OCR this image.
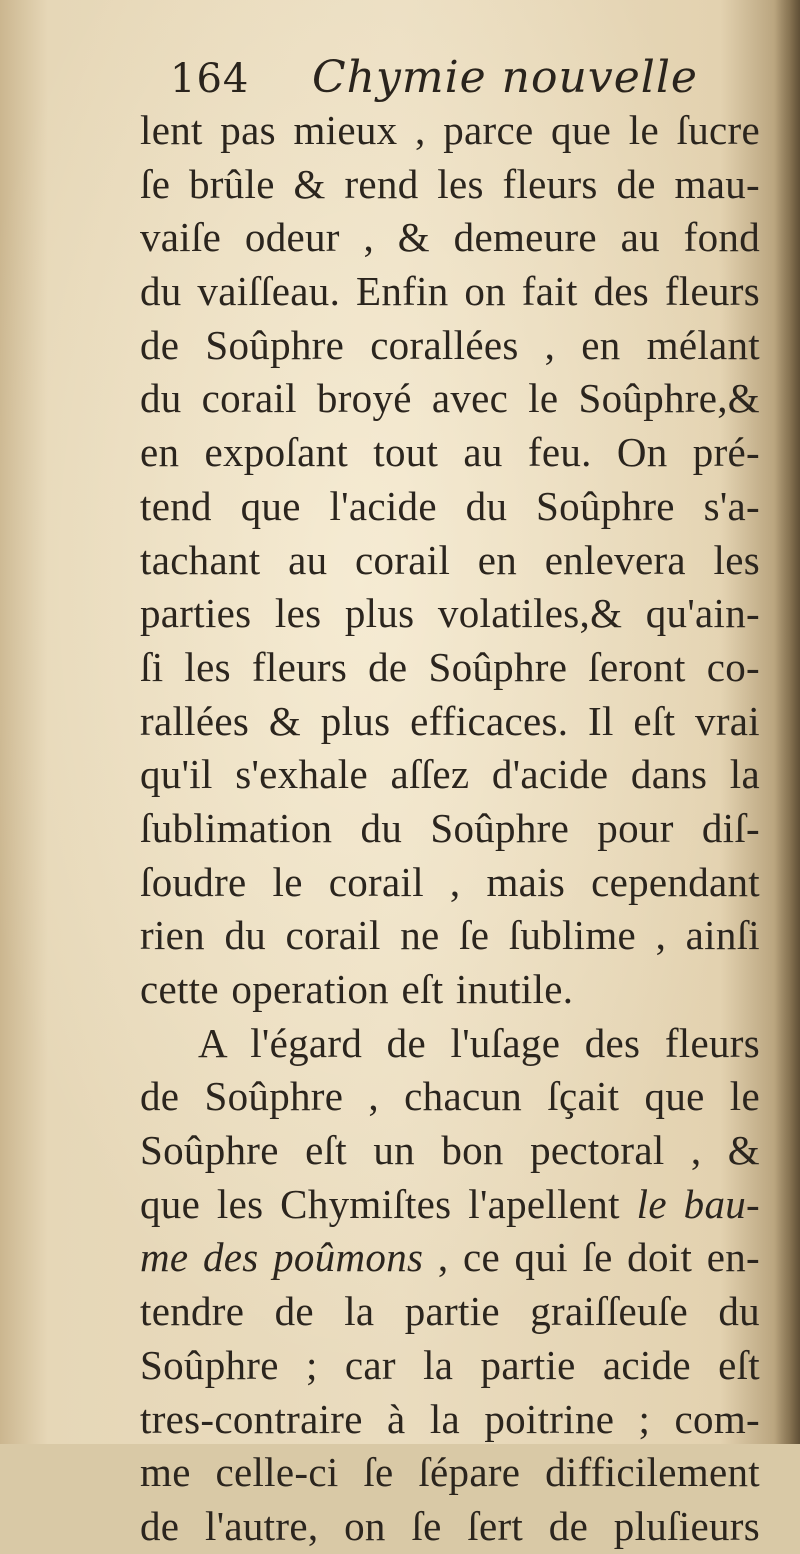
164 Chymie nouvelle
lent pas mieux , parce que le ſucre
ſe brûle & rend les fleurs de mau-
vaiſe odeur , & demeure au fond
du vaiſſeau. Enfin on fait des fleurs
de Soûphre corallées , en mélant
du corail broyé avec le Soûphre,&
en expoſant tout au feu. On pré-
tend que l'acide du Soûphre s'a-
tachant au corail en enlevera les
parties les plus volatiles,& qu'ain-
ſi les fleurs de Soûphre ſeront co-
rallées & plus efficaces. Il eſt vrai
qu'il s'exhale aſſez d'acide dans la
ſublimation du Soûphre pour diſ-
ſoudre le corail , mais cependant
rien du corail ne ſe ſublime , ainſi
cette operation eſt inutile.
A l'égard de l'uſage des fleurs
de Soûphre , chacun ſçait que le
Soûphre eſt un bon pectoral , &
que les Chymiſtes l'apellent le bau-
me des poûmons , ce qui ſe doit en-
tendre de la partie graiſſeuſe du
Soûphre ; car la partie acide eſt
tres-contraire à la poitrine ; com-
me celle-ci ſe ſépare difficilement
de l'autre, on ſe ſert de pluſieurs
